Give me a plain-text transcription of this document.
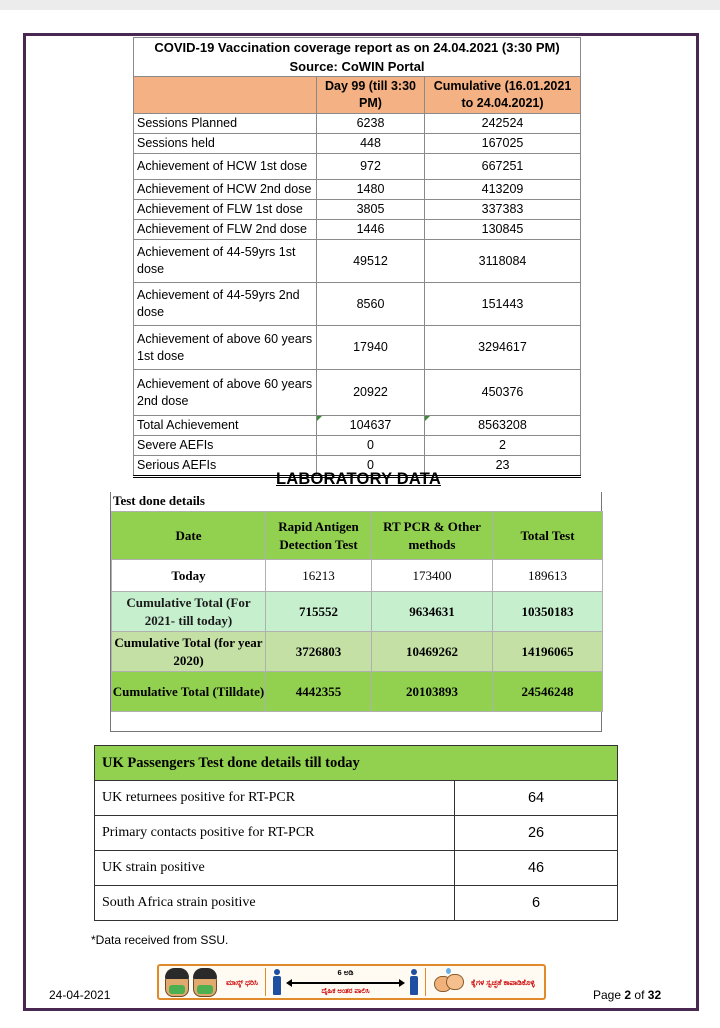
COVID-19 Vaccination coverage report as on 24.04.2021 (3:30 PM)		
Source: CoWIN Portal		
	Day 99 (till 3:30 PM)	Cumulative (16.01.2021 to 24.04.2021)
Sessions Planned	6238	242524
Sessions held	448	167025
Achievement of HCW 1st dose	972	667251
Achievement of HCW 2nd dose	1480	413209
Achievement of FLW 1st dose	3805	337383
Achievement of FLW 2nd dose	1446	130845
Achievement of 44-59yrs 1st dose	49512	3118084
Achievement of 44-59yrs 2nd dose	8560	151443
Achievement of above 60 years 1st dose	17940	3294617
Achievement of above 60 years 2nd dose	20922	450376
Total Achievement	104637	8563208
Severe AEFIs	0	2
Serious AEFIs	0	23
LABORATORY DATA
Test done details
Date	Rapid Antigen Detection Test	RT PCR & Other methods	Total Test
Today	16213	173400	189613
Cumulative Total (For 2021- till today)	715552	9634631	10350183
Cumulative Total (for year 2020)	3726803	10469262	14196065
Cumulative Total (Tilldate)	4442355	20103893	24546248
UK Passengers Test done details till today	
UK returnees positive for RT-PCR	64
Primary contacts positive for RT-PCR	26
UK strain positive	46
South Africa strain positive	6
*Data received from SSU.
ಮಾಸ್ಕ್ ಧರಿಸಿ
6 ಅಡಿ
ದೈಹಿಕ ಅಂತರ ಪಾಲಿಸಿ
ಕೈಗಳ ಸ್ವಚ್ಛತೆ ಕಾಪಾಡಿಕೊಳ್ಳಿ
24-04-2021	Page 2 of 32
